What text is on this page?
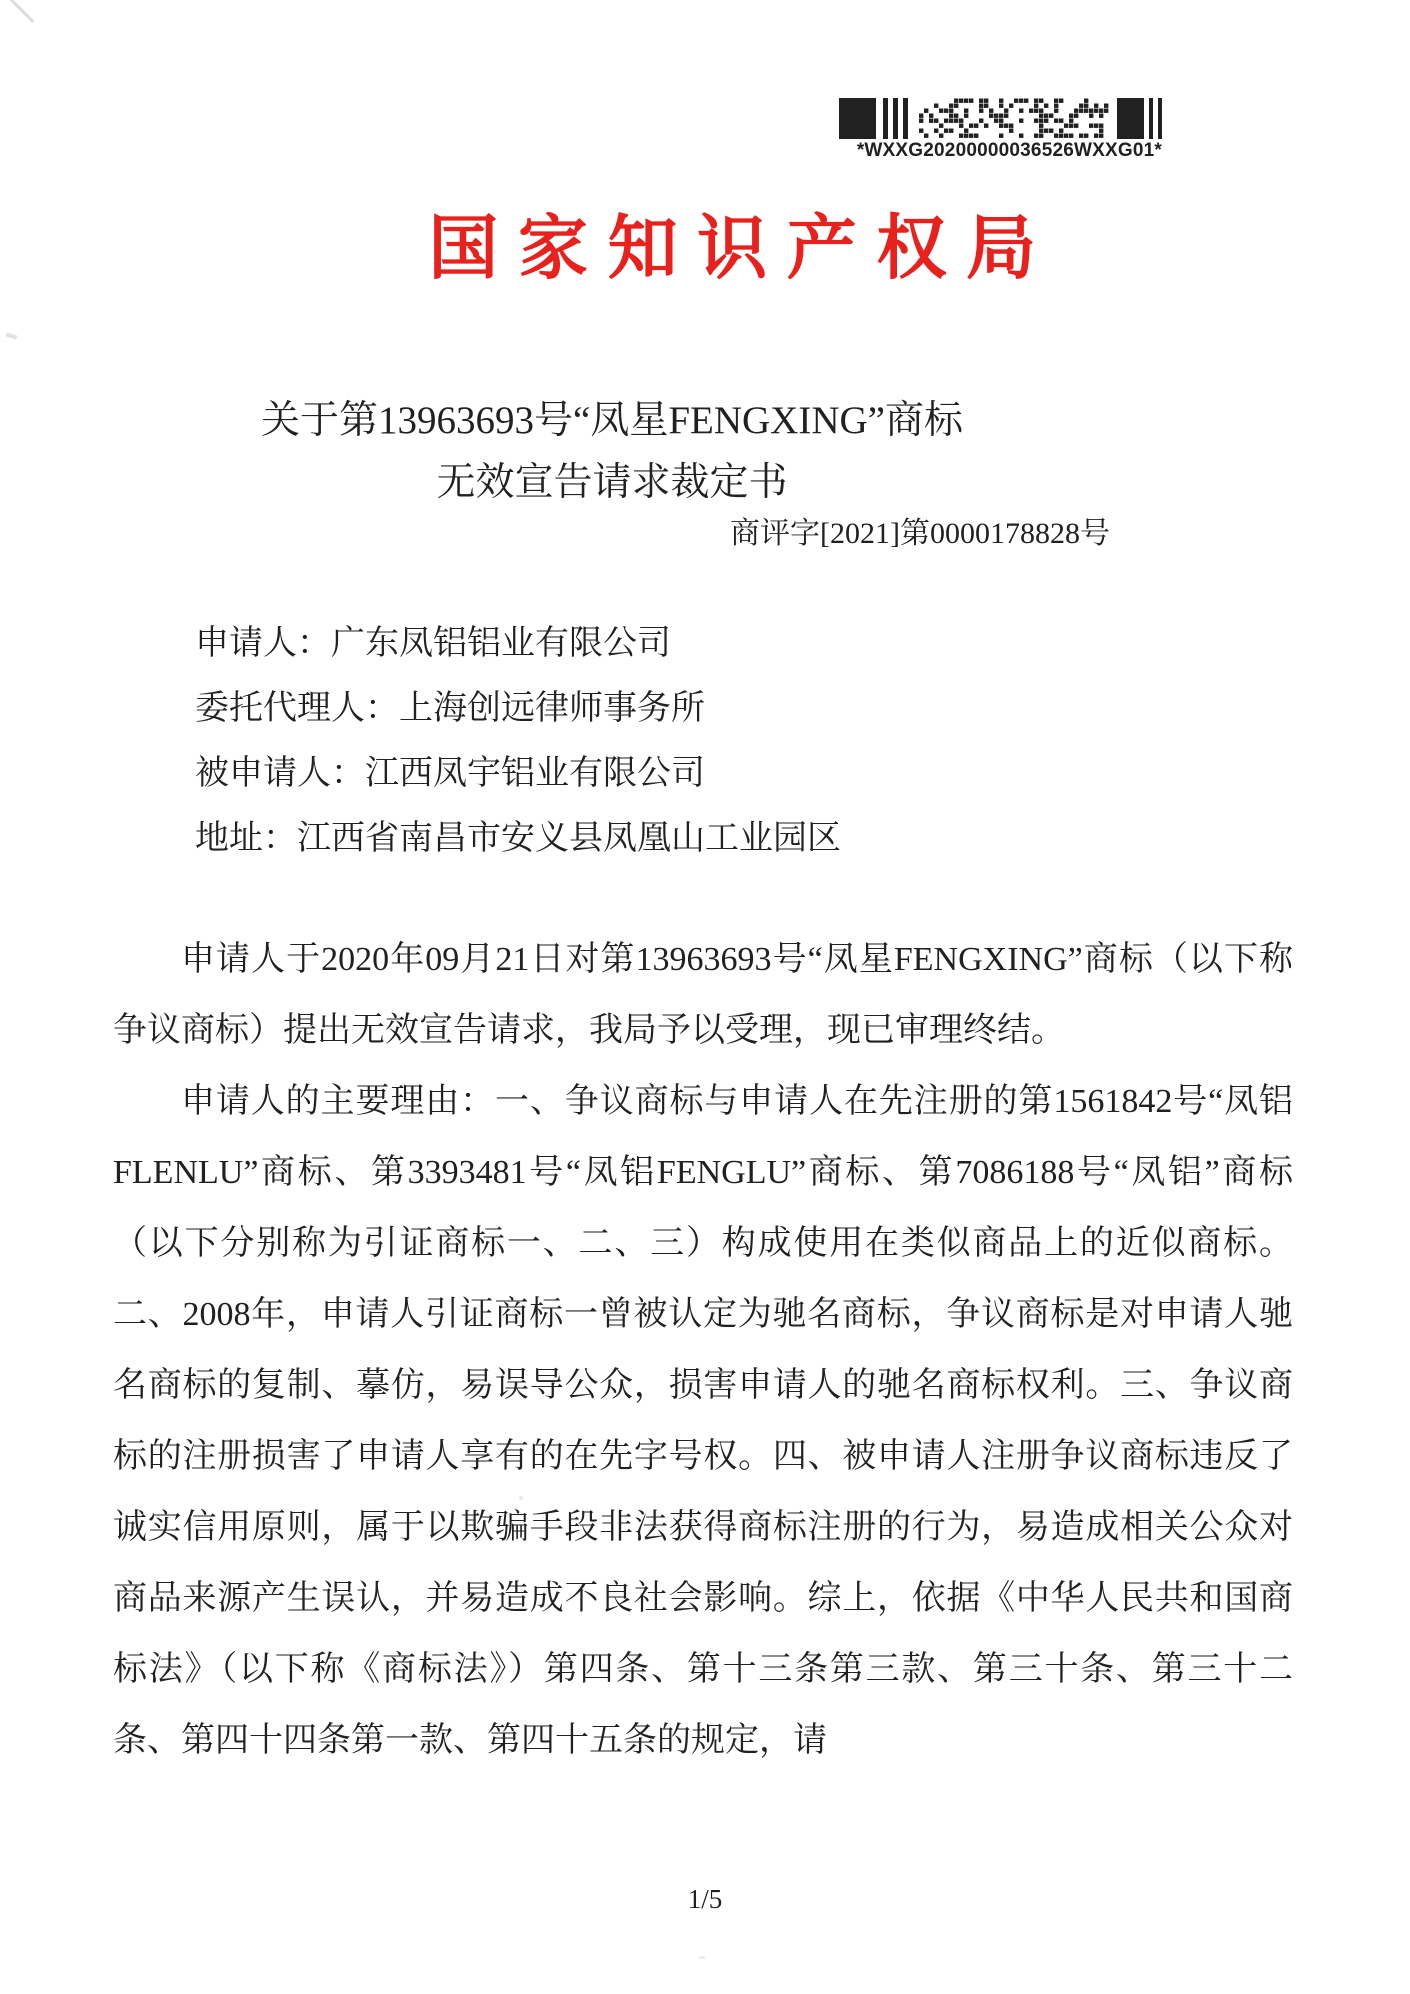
*WXXG20200000036526WXXG01*
国家知识产权局
关于第13963693号“凤星FENGXING”商标
无效宣告请求裁定书
商评字[2021]第0000178828号
申请人：广东凤铝铝业有限公司
委托代理人：上海创远律师事务所
被申请人：江西凤宇铝业有限公司
地址：江西省南昌市安义县凤凰山工业园区

申请人于2020年09月21日对第13963693号“凤星FENGXING”商标（以下称争议商标）提出无效宣告请求，我局予以受理，现已审理终结。

申请人的主要理由：一、争议商标与申请人在先注册的第1561842号“凤铝 FLENLU”商标、第3393481号“凤铝FENGLU”商标、第7086188号“凤铝”商标（以下分别称为引证商标一、二、三）构成使用在类似商品上的近似商标。二、2008年，申请人引证商标一曾被认定为驰名商标，争议商标是对申请人驰名商标的复制、摹仿，易误导公众，损害申请人的驰名商标权利。三、争议商标的注册损害了申请人享有的在先字号权。四、被申请人注册争议商标违反了诚实信用原则，属于以欺骗手段非法获得商标注册的行为，易造成相关公众对商品来源产生误认，并易造成不良社会影响。综上，依据《中华人民共和国商标法》（以下称《商标法》）第四条、第十三条第三款、第三十条、第三十二条、第四十四条第一款、第四十五条的规定，请

1/5
